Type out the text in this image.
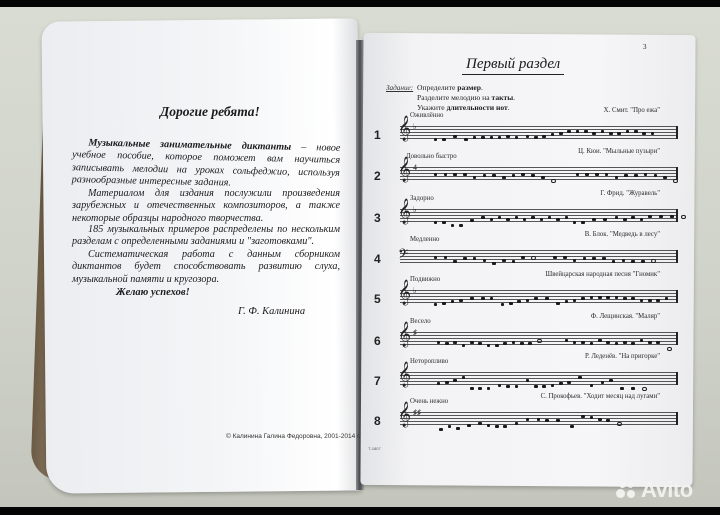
Дорогие ребята!
Музыкальные занимательные диктанты – новое учебное пособие, которое поможет вам научиться записывать мелодии на уроках сольфеджио, используя разнообразные интересные задания.
Материалом для издания послужили произведения зарубежных и отечественных композиторов, а также некоторые образцы народного творчества.
185 музыкальных примеров распределены по нескольким разделам с определенными заданиями и "заготовками".
Систематическая работа с данным сборником диктантов будет способствовать развитию слуха, музыкальной памяти и кругозора.
Желаю успехов!
Г. Ф. Калинина
© Калинина Галина Федоровна, 2001-2014 г.
3
Первый раздел
Задание: Определите размер.
Разделите мелодию на такты.
Укажите длительности нот.
1
Оживлённо
Х. Смит. "Про ежа"
𝄞 ♭
2
Довольно быстро
Ц. Кюи. "Мыльные пузыри"
𝄞 4
3
Задорно
Г. Фрид. "Журавель"
𝄞 ♭
4
Медленно
В. Блок. "Медведь в лесу"
𝄢
5
Подвижно
Швейцарская народная песня "Гномик"
𝄞 ♭
6
Весело
Ф. Лещинская. "Маляр"
𝄞 ♯
7
Неторопливо
Р. Леденёв. "На пригорке"
𝄞
8
Очень нежно
С. Прокофьев. "Ходит месяц над лугами"
𝄞 ♯♯
Т-1807
Avito
